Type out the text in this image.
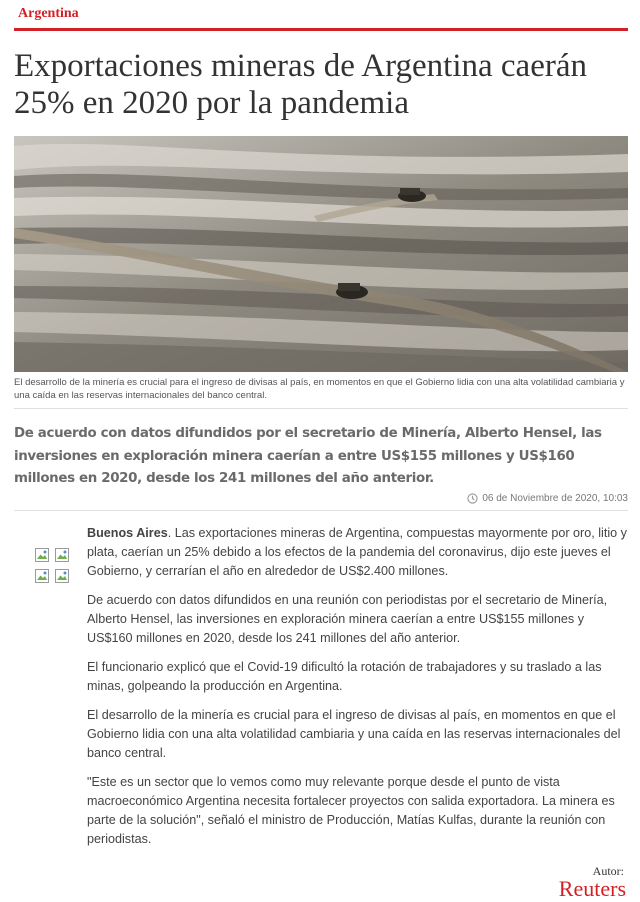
Argentina
Exportaciones mineras de Argentina caerán 25% en 2020 por la pandemia

El desarrollo de la minería es crucial para el ingreso de divisas al país, en momentos en que el Gobierno lidia con una alta volatilidad cambiaria y una caída en las reservas internacionales del banco central.

De acuerdo con datos difundidos por el secretario de Minería, Alberto Hensel, las inversiones en exploración minera caerían a entre US$155 millones y US$160 millones en 2020, desde los 241 millones del año anterior.

06 de Noviembre de 2020, 10:03

Buenos Aires. Las exportaciones mineras de Argentina, compuestas mayormente por oro, litio y plata, caerían un 25% debido a los efectos de la pandemia del coronavirus, dijo este jueves el Gobierno, y cerrarían el año en alrededor de US$2.400 millones.

De acuerdo con datos difundidos en una reunión con periodistas por el secretario de Minería, Alberto Hensel, las inversiones en exploración minera caerían a entre US$155 millones y US$160 millones en 2020, desde los 241 millones del año anterior.

El funcionario explicó que el Covid-19 dificultó la rotación de trabajadores y su traslado a las minas, golpeando la producción en Argentina.

El desarrollo de la minería es crucial para el ingreso de divisas al país, en momentos en que el Gobierno lidia con una alta volatilidad cambiaria y una caída en las reservas internacionales del banco central.

"Este es un sector que lo vemos como muy relevante porque desde el punto de vista macroeconómico Argentina necesita fortalecer proyectos con salida exportadora. La minera es parte de la solución", señaló el ministro de Producción, Matías Kulfas, durante la reunión con periodistas.

Autor:
Reuters
